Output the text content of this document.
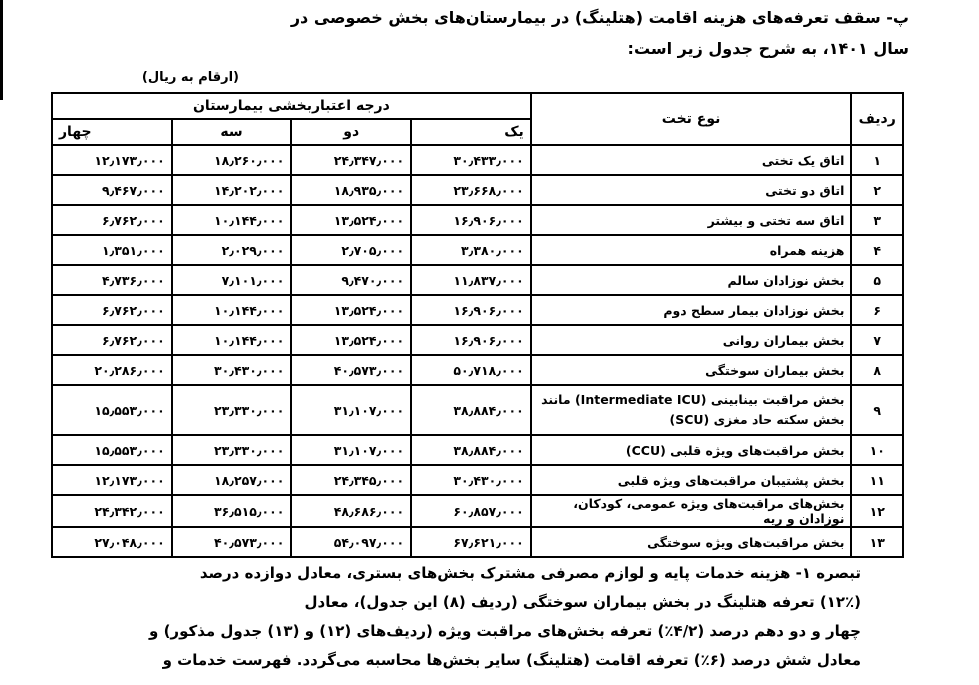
پ- سقف تعرفه‌های هزینه اقامت (هتلینگ) در بیمارستان‌های بخش خصوصی در
سال ۱۴۰۱، به شرح جدول زیر است:
(ارقام به ریال)
ردیف	نوع تخت	درجه اعتباربخشی بیمارستان			
		یک	دو	سه	چهار
۱	اتاق یک تختی	۳۰٫۴۳۳٫۰۰۰	۲۴٫۳۴۷٫۰۰۰	۱۸٫۲۶۰٫۰۰۰	۱۲٫۱۷۳٫۰۰۰
۲	اتاق دو تختی	۲۳٫۶۶۸٫۰۰۰	۱۸٫۹۳۵٫۰۰۰	۱۴٫۲۰۲٫۰۰۰	۹٫۴۶۷٫۰۰۰
۳	اتاق سه تختی و بیشتر	۱۶٫۹۰۶٫۰۰۰	۱۳٫۵۲۴٫۰۰۰	۱۰٫۱۴۴٫۰۰۰	۶٫۷۶۲٫۰۰۰
۴	هزینه همراه	۳٫۳۸۰٫۰۰۰	۲٫۷۰۵٫۰۰۰	۲٫۰۲۹٫۰۰۰	۱٫۳۵۱٫۰۰۰
۵	بخش نوزادان سالم	۱۱٫۸۳۷٫۰۰۰	۹٫۴۷۰٫۰۰۰	۷٫۱۰۱٫۰۰۰	۴٫۷۳۶٫۰۰۰
۶	بخش نوزادان بیمار سطح دوم	۱۶٫۹۰۶٫۰۰۰	۱۳٫۵۲۴٫۰۰۰	۱۰٫۱۴۴٫۰۰۰	۶٫۷۶۲٫۰۰۰
۷	بخش بیماران روانی	۱۶٫۹۰۶٫۰۰۰	۱۳٫۵۲۴٫۰۰۰	۱۰٫۱۴۴٫۰۰۰	۶٫۷۶۲٫۰۰۰
۸	بخش بیماران سوختگی	۵۰٫۷۱۸٫۰۰۰	۴۰٫۵۷۳٫۰۰۰	۳۰٫۴۳۰٫۰۰۰	۲۰٫۲۸۶٫۰۰۰
۹	بخش مراقبت بینابینی (Intermediate ICU) مانند بخش سکته حاد مغزی (SCU)	۳۸٫۸۸۴٫۰۰۰	۳۱٫۱۰۷٫۰۰۰	۲۳٫۳۳۰٫۰۰۰	۱۵٫۵۵۳٫۰۰۰
۱۰	بخش مراقبت‌های ویژه قلبی (CCU)	۳۸٫۸۸۴٫۰۰۰	۳۱٫۱۰۷٫۰۰۰	۲۳٫۳۳۰٫۰۰۰	۱۵٫۵۵۳٫۰۰۰
۱۱	بخش پشتیبان مراقبت‌های ویژه قلبی	۳۰٫۴۳۰٫۰۰۰	۲۴٫۳۴۵٫۰۰۰	۱۸٫۲۵۷٫۰۰۰	۱۲٫۱۷۳٫۰۰۰
۱۲	بخش‌های مراقبت‌های ویژه عمومی، کودکان، نوزادان و ریه	۶۰٫۸۵۷٫۰۰۰	۴۸٫۶۸۶٫۰۰۰	۳۶٫۵۱۵٫۰۰۰	۲۴٫۳۴۲٫۰۰۰
۱۳	بخش مراقبت‌های ویژه سوختگی	۶۷٫۶۲۱٫۰۰۰	۵۴٫۰۹۷٫۰۰۰	۴۰٫۵۷۳٫۰۰۰	۲۷٫۰۴۸٫۰۰۰
تبصره ۱- هزینه خدمات پایه و لوازم مصرفی مشترک بخش‌های بستری، معادل دوازده درصد
(۱۲٪) تعرفه هتلینگ در بخش بیماران سوختگی (ردیف (۸) این جدول)، معادل
چهار و دو دهم درصد (۴/۲٪) تعرفه بخش‌های مراقبت ویژه (ردیف‌های (۱۲) و (۱۳) جدول مذکور) و
معادل شش درصد (۶٪) تعرفه اقامت (هتلینگ) سایر بخش‌ها محاسبه می‌گردد. فهرست خدمات و
